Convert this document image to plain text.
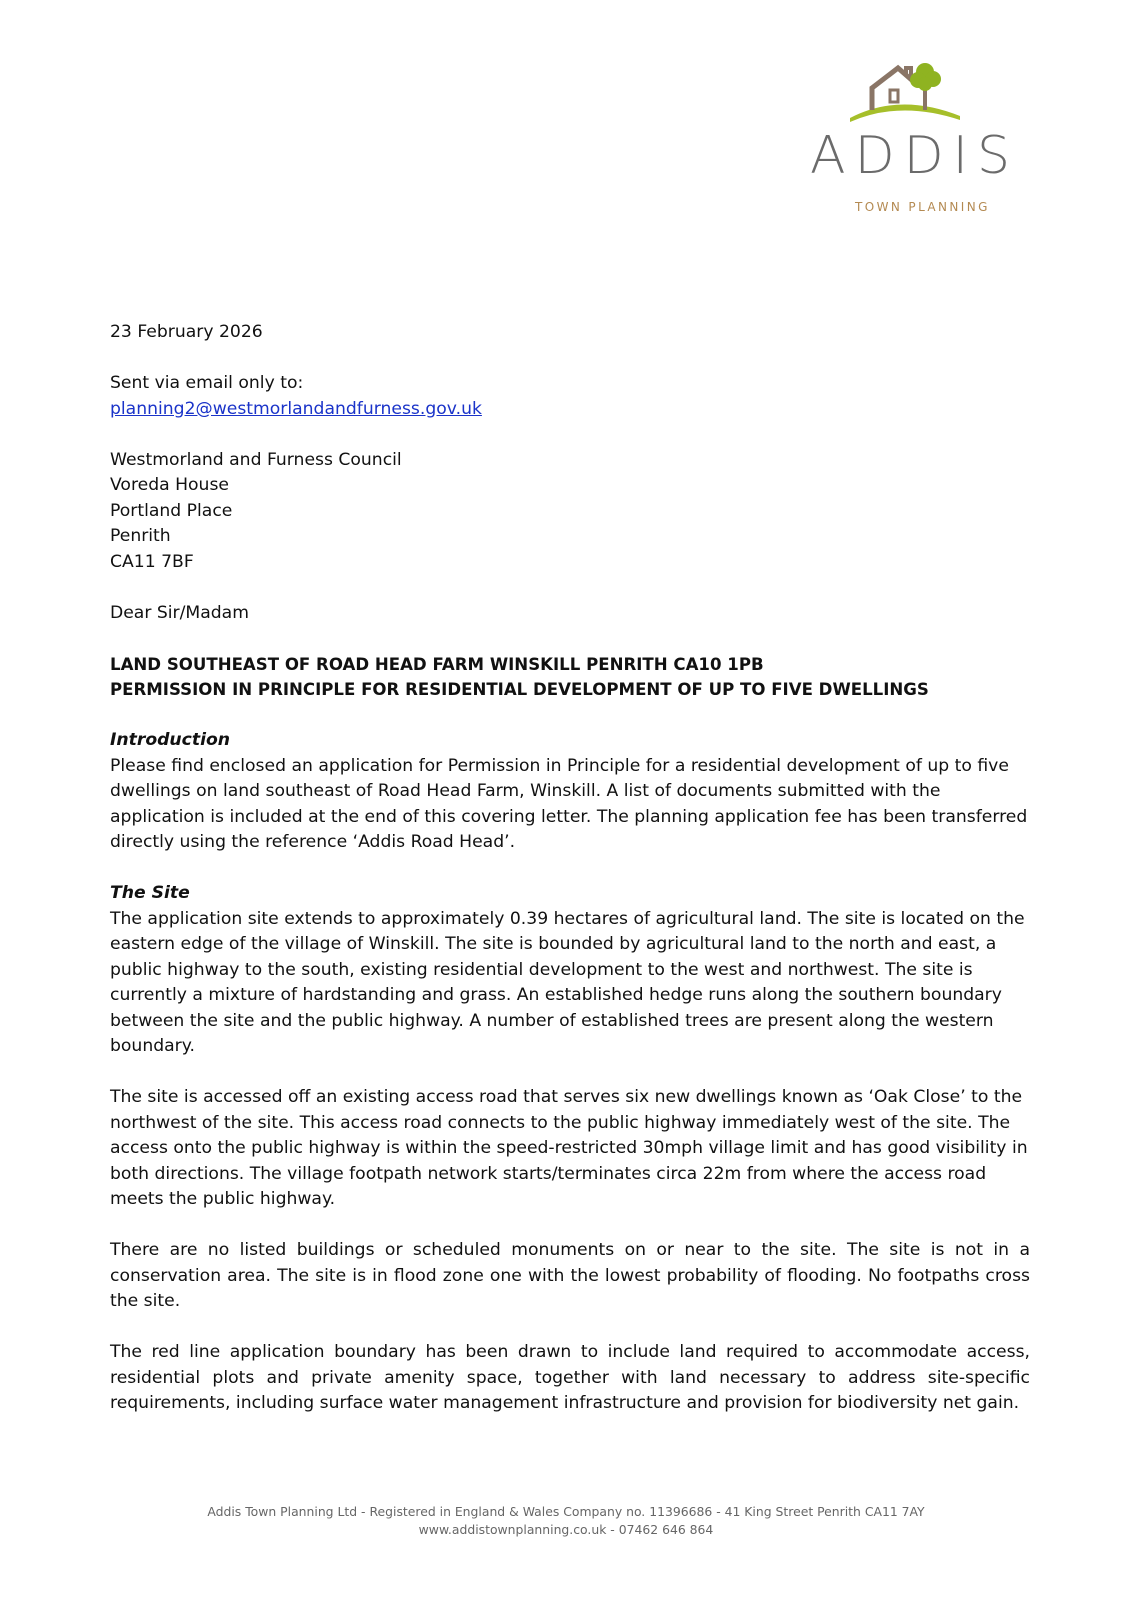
ADDIS
TOWN PLANNING

23 February 2026

Sent via email only to:

planning2@westmorlandandfurness.gov.uk

Westmorland and Furness Council

Voreda House

Portland Place

Penrith

CA11 7BF

Dear Sir/Madam

LAND SOUTHEAST OF ROAD HEAD FARM WINSKILL PENRITH CA10 1PB

PERMISSION IN PRINCIPLE FOR RESIDENTIAL DEVELOPMENT OF UP TO FIVE DWELLINGS

Introduction

Please find enclosed an application for Permission in Principle for a residential development of up to five dwellings on land southeast of Road Head Farm, Winskill. A list of documents submitted with the application is included at the end of this covering letter. The planning application fee has been transferred directly using the reference ‘Addis Road Head’.

The Site

The application site extends to approximately 0.39 hectares of agricultural land. The site is located on the eastern edge of the village of Winskill. The site is bounded by agricultural land to the north and east, a public highway to the south, existing residential development to the west and northwest. The site is currently a mixture of hardstanding and grass. An established hedge runs along the southern boundary between the site and the public highway. A number of established trees are present along the western boundary.

The site is accessed off an existing access road that serves six new dwellings known as ‘Oak Close’ to the northwest of the site. This access road connects to the public highway immediately west of the site. The access onto the public highway is within the speed-restricted 30mph village limit and has good visibility in both directions. The village footpath network starts/terminates circa 22m from where the access road meets the public highway.

There are no listed buildings or scheduled monuments on or near to the site. The site is not in a conservation area. The site is in flood zone one with the lowest probability of flooding. No footpaths cross the site.

The red line application boundary has been drawn to include land required to accommodate access, residential plots and private amenity space, together with land necessary to address site-specific requirements, including surface water management infrastructure and provision for biodiversity net gain.

Addis Town Planning Ltd - Registered in England & Wales Company no. 11396686 - 41 King Street Penrith CA11 7AY
www.addistownplanning.co.uk - 07462 646 864
